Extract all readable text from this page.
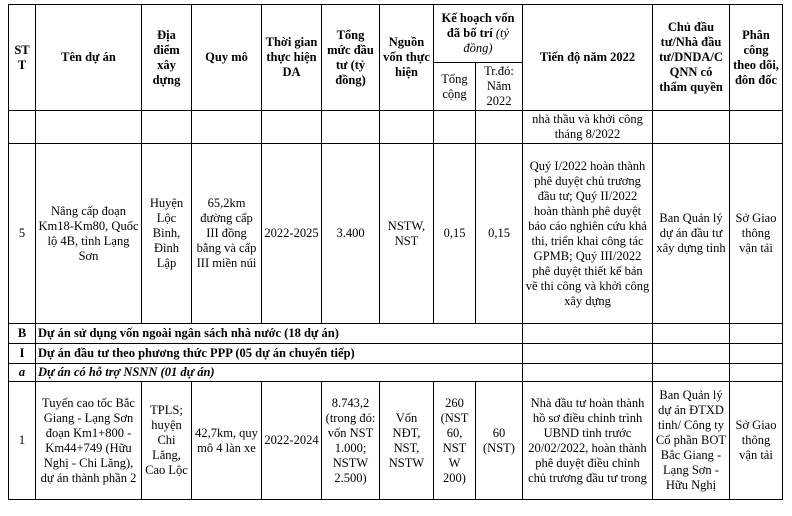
STT	Tên dự án	Địa điểm xây dựng	Quy mô	Thời gian thực hiện DA	Tổng mức đầu tư (tỷ đồng)	Nguồn vốn thực hiện	Kế hoạch vốn đã bố trí (tỷ đồng)		Tiến độ năm 2022	Chủ đầu tư/Nhà đầu tư/DNDA/CQNN có thẩm quyền	Phân công theo dõi, đôn đốc
							Tổng cộng	Tr.đó: Năm 2022			
									nhà thầu và khởi công tháng 8/2022		
5	Nâng cấp đoạn Km18-Km80, Quốc lộ 4B, tỉnh Lạng Sơn	Huyện Lộc Bình, Đình Lập	65,2km đường cấp III đồng bằng và cấp III miền núi	2022-2025	3.400	NSTW, NST	0,15	0,15	Quý I/2022 hoàn thành phê duyệt chủ trương đầu tư; Quý II/2022 hoàn thành phê duyệt báo cáo nghiên cứu khả thi, triển khai công tác GPMB; Quý III/2022 phê duyệt thiết kế bản vẽ thi công và khởi công xây dựng	Ban Quản lý dự án đầu tư xây dựng tỉnh	Sở Giao thông vận tải
B	Dự án sử dụng vốn ngoài ngân sách nhà nước (18 dự án)										
I	Dự án đầu tư theo phương thức PPP (05 dự án chuyển tiếp)										
a	Dự án có hỗ trợ NSNN (01 dự án)										
1	Tuyến cao tốc Bắc Giang - Lạng Sơn đoạn Km1+800 - Km44+749 (Hữu Nghị - Chi Lăng), dự án thành phần 2	TPLS; huyện Chi Lăng, Cao Lộc	42,7km, quy mô 4 làn xe	2022-2024	8.743,2 (trong đó: vốn NST 1.000; NSTW 2.500)	Vốn NĐT, NST, NSTW	260 (NST 60, NST W 200)	60 (NST)	Nhà đầu tư hoàn thành hồ sơ điều chỉnh trình UBND tỉnh trước 20/02/2022, hoàn thành phê duyệt điều chỉnh chủ trương đầu tư trong	Ban Quản lý dự án ĐTXD tỉnh/ Công ty Cổ phần BOT Bắc Giang - Lạng Sơn - Hữu Nghị	Sở Giao thông vận tải
